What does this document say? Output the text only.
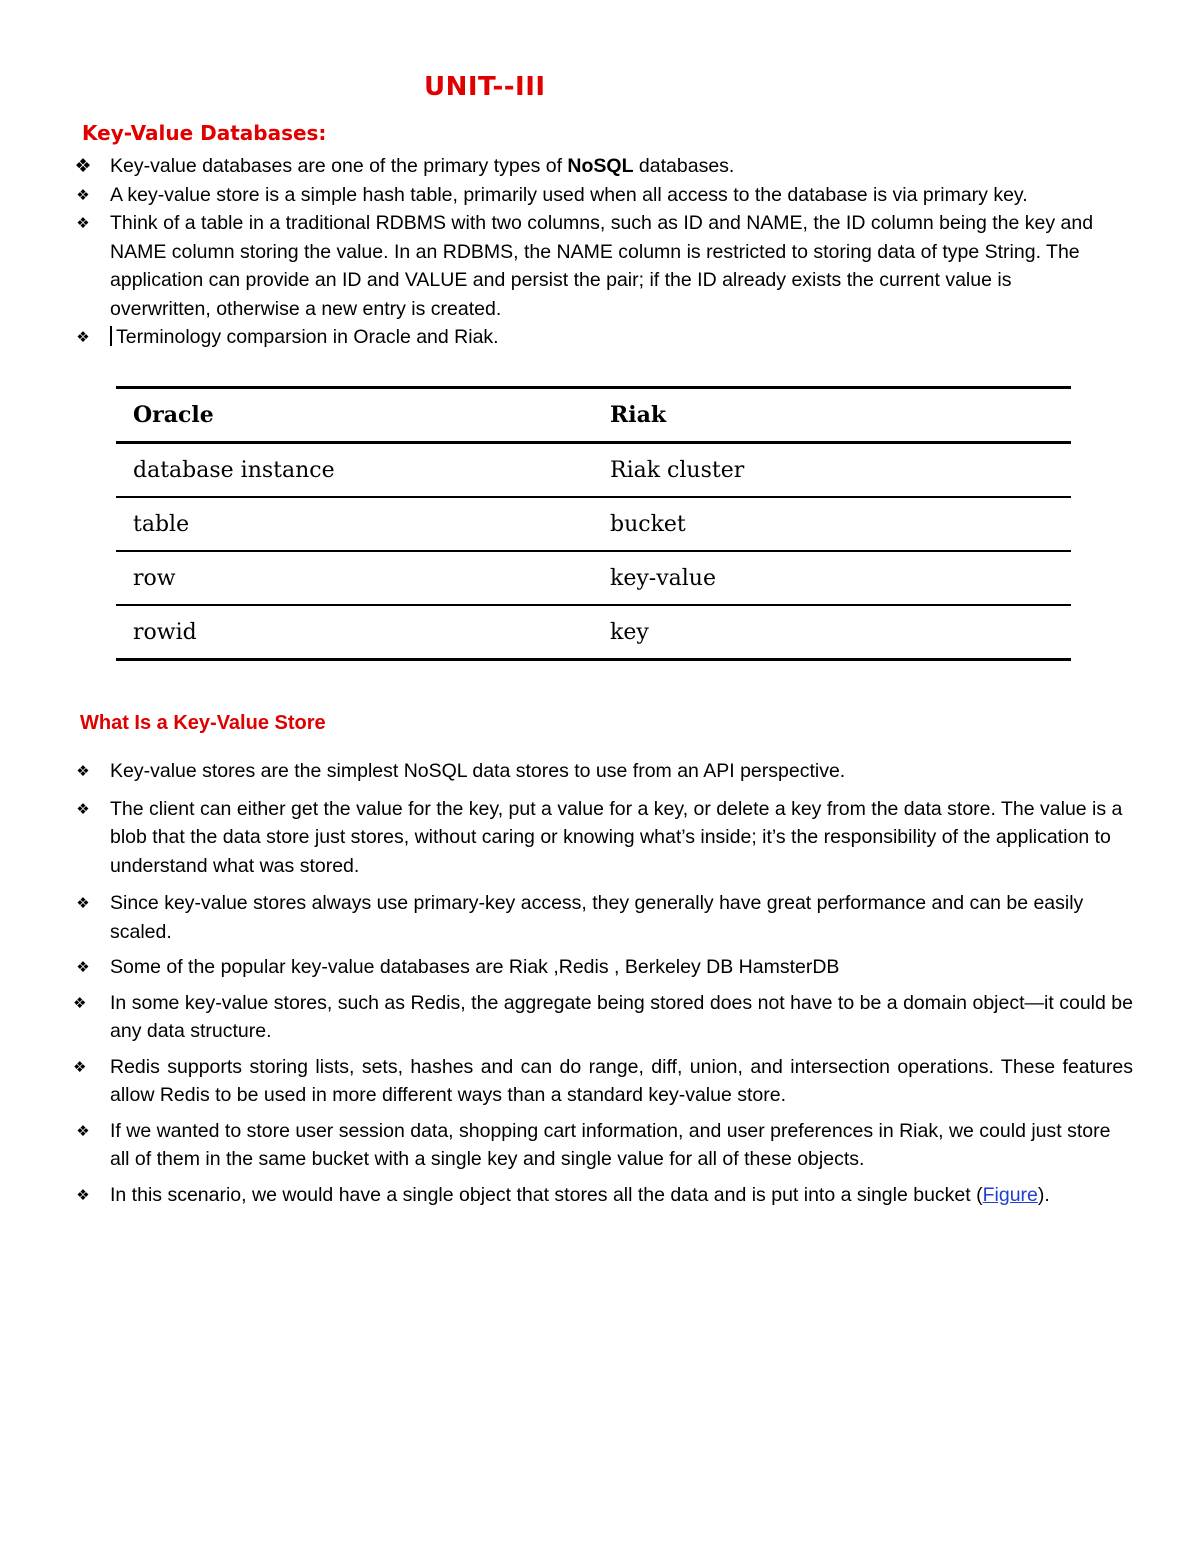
UNIT--III
Key-Value Databases:
❖ Key-value databases are one of the primary types of NoSQL databases.
❖ A key-value store is a simple hash table, primarily used when all access to the database is via primary key.
❖ Think of a table in a traditional RDBMS with two columns, such as ID and NAME, the ID column being the key and NAME column storing the value. In an RDBMS, the NAME column is restricted to storing data of type String. The application can provide an ID and VALUE and persist the pair; if the ID already exists the current value is overwritten, otherwise a new entry is created.
❖ Terminology comparsion in Oracle and Riak.
Oracle	Riak
database instance	Riak cluster
table	bucket
row	key-value
rowid	key
What Is a Key-Value Store
❖ Key-value stores are the simplest NoSQL data stores to use from an API perspective.
❖ The client can either get the value for the key, put a value for a key, or delete a key from the data store. The value is a blob that the data store just stores, without caring or knowing what’s inside; it’s the responsibility of the application to understand what was stored.
❖ Since key-value stores always use primary-key access, they generally have great performance and can be easily scaled.
❖ Some of the popular key-value databases are Riak ,Redis , Berkeley DB HamsterDB
❖	In some key-value stores, such as Redis, the aggregate being stored does not have to be a domain object—it could be any data structure.
❖	Redis supports storing lists, sets, hashes and can do range, diff, union, and intersection operations. These features allow Redis to be used in more different ways than a standard key-value store.
❖ If we wanted to store user session data, shopping cart information, and user preferences in Riak, we could just store all of them in the same bucket with a single key and single value for all of these objects.
❖ In this scenario, we would have a single object that stores all the data and is put into a single bucket (Figure).
